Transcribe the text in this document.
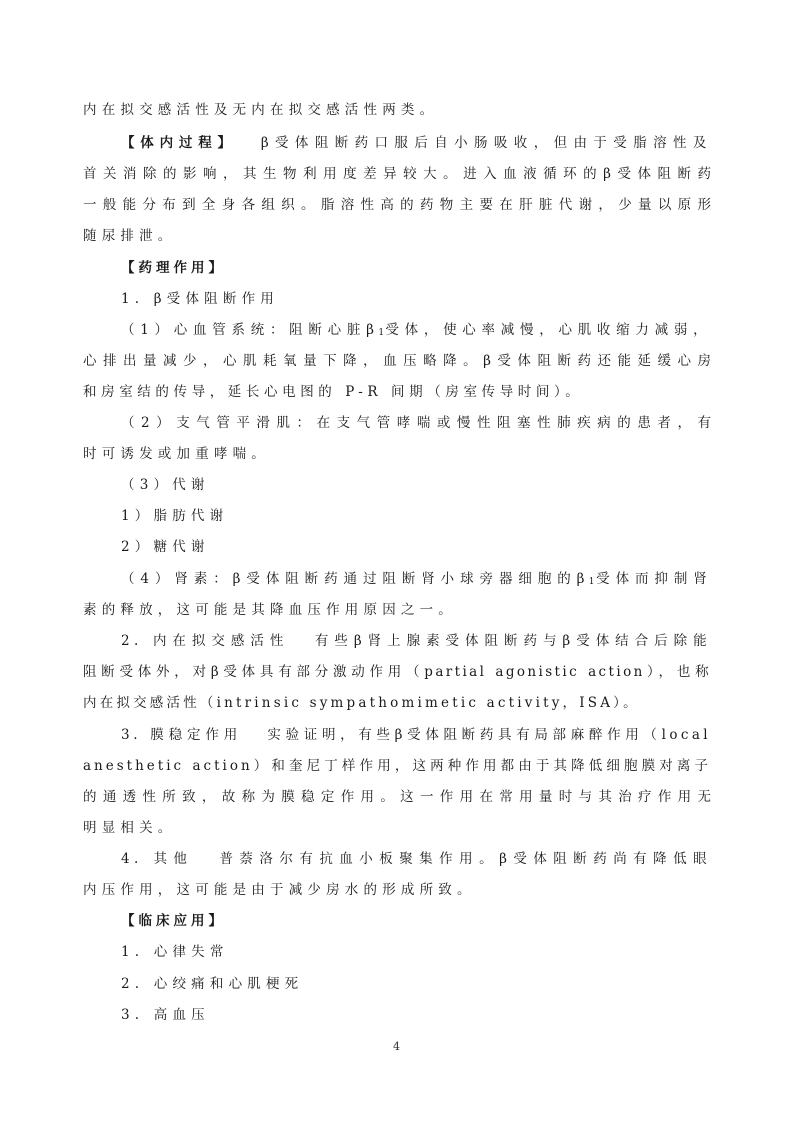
内在拟交感活性及无内在拟交感活性两类。
【体内过程】 β受体阻断药口服后自小肠吸收，但由于受脂溶性及
首关消除的影响，其生物利用度差异较大。进入血液循环的β受体阻断药
一般能分布到全身各组织。脂溶性高的药物主要在肝脏代谢，少量以原形
随尿排泄。
【药理作用】
1. β受体阻断作用
（1）心血管系统：阻断心脏β1受体，使心率减慢，心肌收缩力减弱，
心排出量减少，心肌耗氧量下降，血压略降。β受体阻断药还能延缓心房
和房室结的传导，延长心电图的 P-R 间期（房室传导时间）。
（2）支气管平滑肌：在支气管哮喘或慢性阻塞性肺疾病的患者，有
时可诱发或加重哮喘。
（3）代谢
1）脂肪代谢
2）糖代谢
（4）肾素：β受体阻断药通过阻断肾小球旁器细胞的β1受体而抑制肾
素的释放，这可能是其降血压作用原因之一。
2. 内在拟交感活性 有些β肾上腺素受体阻断药与β受体结合后除能
阻断受体外，对β受体具有部分激动作用（partial agonistic action），也称
内在拟交感活性（intrinsic sympathomimetic activity，ISA）。
3. 膜稳定作用 实验证明，有些β受体阻断药具有局部麻醉作用（local
anesthetic action）和奎尼丁样作用，这两种作用都由于其降低细胞膜对离子
的通透性所致，故称为膜稳定作用。这一作用在常用量时与其治疗作用无
明显相关。
4. 其他 普萘洛尔有抗血小板聚集作用。β受体阻断药尚有降低眼
内压作用，这可能是由于减少房水的形成所致。
【临床应用】
1. 心律失常
2. 心绞痛和心肌梗死
3. 高血压
4
